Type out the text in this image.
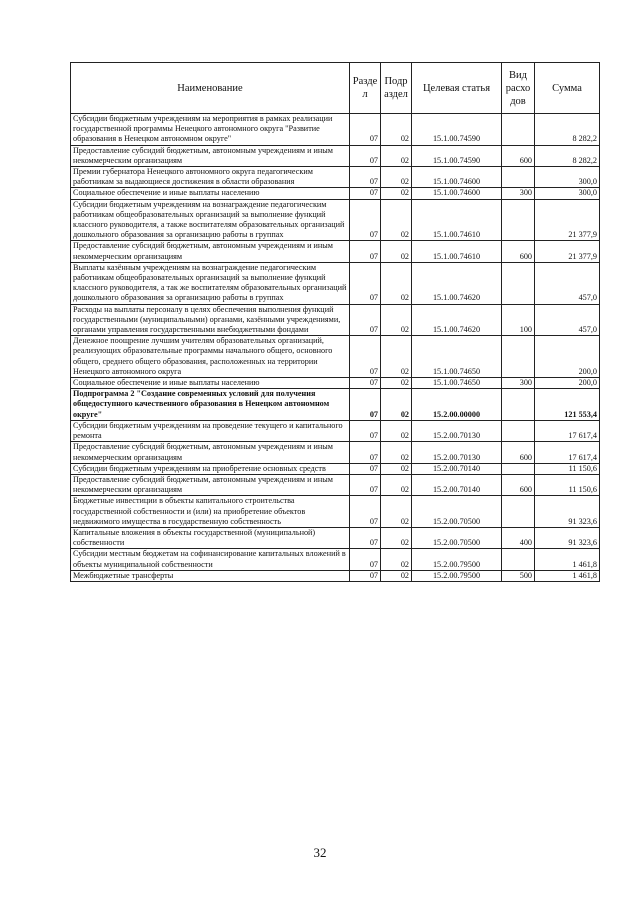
Наименование	Разде л	Подр аздел	Целевая статья	Вид расхо дов	Сумма
Субсидии бюджетным учреждениям на мероприятия в рамках реализации государственной программы Ненецкого автономного округа "Развитие образования в Ненецком автономном округе"	07	02	15.1.00.74590		8 282,2
Предоставление субсидий бюджетным, автономным учреждениям и иным некоммерческим организациям	07	02	15.1.00.74590	600	8 282,2
Премии губернатора Ненецкого автономного округа педагогическим работникам за выдающиеся достижения в области образования	07	02	15.1.00.74600		300,0
Социальное обеспечение и иные выплаты населению	07	02	15.1.00.74600	300	300,0
Субсидии бюджетным учреждениям на вознаграждение педагогическим работникам общеобразовательных организаций за выполнение функций классного руководителя, а также воспитателям образовательных организаций дошкольного образования за организацию работы в группах	07	02	15.1.00.74610		21 377,9
Предоставление субсидий бюджетным, автономным учреждениям и иным некоммерческим организациям	07	02	15.1.00.74610	600	21 377,9
Выплаты казённым учреждениям на вознаграждение педагогическим работникам общеобразовательных организаций за выполнение функций классного руководителя, а так же воспитателям образовательных организаций дошкольного образования за организацию работы в группах	07	02	15.1.00.74620		457,0
Расходы на выплаты персоналу в целях обеспечения выполнения функций государственными (муниципальными) органами, казёнными учреждениями, органами управления государственными внебюджетными фондами	07	02	15.1.00.74620	100	457,0
Денежное поощрение лучшим учителям образовательных организаций, реализующих образовательные программы начального общего, основного общего, среднего общего образования, расположенных на территории Ненецкого автономного округа	07	02	15.1.00.74650		200,0
Социальное обеспечение и иные выплаты населению	07	02	15.1.00.74650	300	200,0
Подпрограмма 2 "Создание современных условий для получения общедоступного качественного образования в Ненецком автономном округе"	07	02	15.2.00.00000		121 553,4
Субсидии бюджетным учреждениям на проведение текущего и капитального ремонта	07	02	15.2.00.70130		17 617,4
Предоставление субсидий бюджетным, автономным учреждениям и иным некоммерческим организациям	07	02	15.2.00.70130	600	17 617,4
Субсидии бюджетным учреждениям на приобретение основных средств	07	02	15.2.00.70140		11 150,6
Предоставление субсидий бюджетным, автономным учреждениям и иным некоммерческим организациям	07	02	15.2.00.70140	600	11 150,6
Бюджетные инвестиции в объекты капитального строительства государственной собственности и (или) на приобретение объектов недвижимого имущества в государственную собственность	07	02	15.2.00.70500		91 323,6
Капитальные вложения в объекты государственной (муниципальной) собственности	07	02	15.2.00.70500	400	91 323,6
Субсидии местным бюджетам на софинансирование капитальных вложений в объекты муниципальной собственности	07	02	15.2.00.79500		1 461,8
Межбюджетные трансферты	07	02	15.2.00.79500	500	1 461,8
32
